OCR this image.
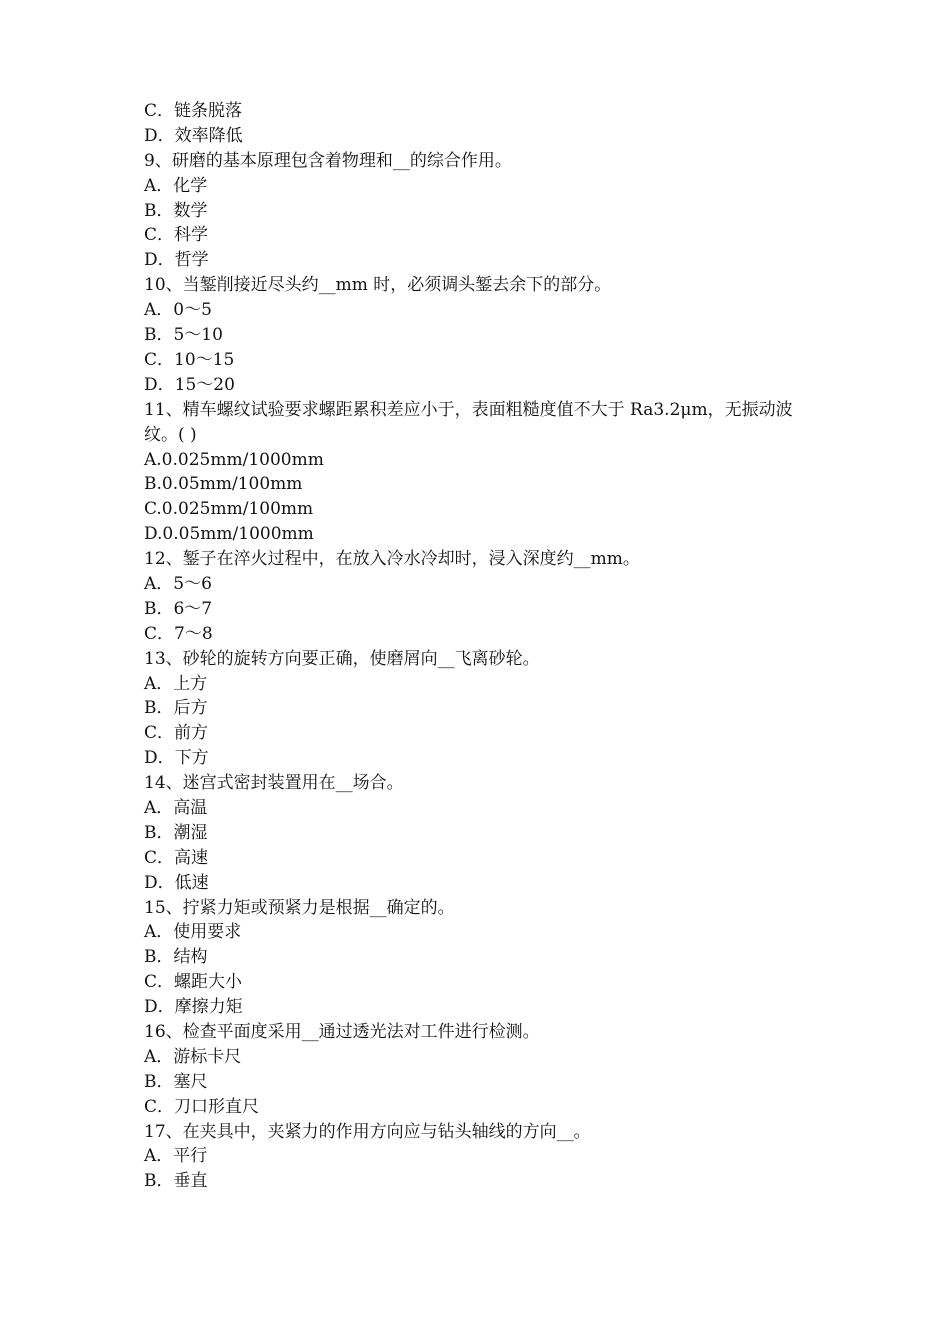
C．链条脱落
D．效率降低
9、研磨的基本原理包含着物理和__的综合作用。
A．化学
B．数学
C．科学
D．哲学
10、当錾削接近尽头约__mm 时，必须调头錾去余下的部分。
A．0～5
B．5～10
C．10～15
D．15～20
11、精车螺纹试验要求螺距累积差应小于，表面粗糙度值不大于 Ra3.2μm，无振动波纹。( )
A.0.025mm/1000mm
B.0.05mm/100mm
C.0.025mm/100mm
D.0.05mm/1000mm
12、錾子在淬火过程中，在放入冷水冷却时，浸入深度约__mm。
A．5～6
B．6～7
C．7～8
13、砂轮的旋转方向要正确，使磨屑向__飞离砂轮。
A．上方
B．后方
C．前方
D．下方
14、迷宫式密封装置用在__场合。
A．高温
B．潮湿
C．高速
D．低速
15、拧紧力矩或预紧力是根据__确定的。
A．使用要求
B．结构
C．螺距大小
D．摩擦力矩
16、检查平面度采用__通过透光法对工件进行检测。
A．游标卡尺
B．塞尺
C．刀口形直尺
17、在夹具中，夹紧力的作用方向应与钻头轴线的方向__。
A．平行
B．垂直
